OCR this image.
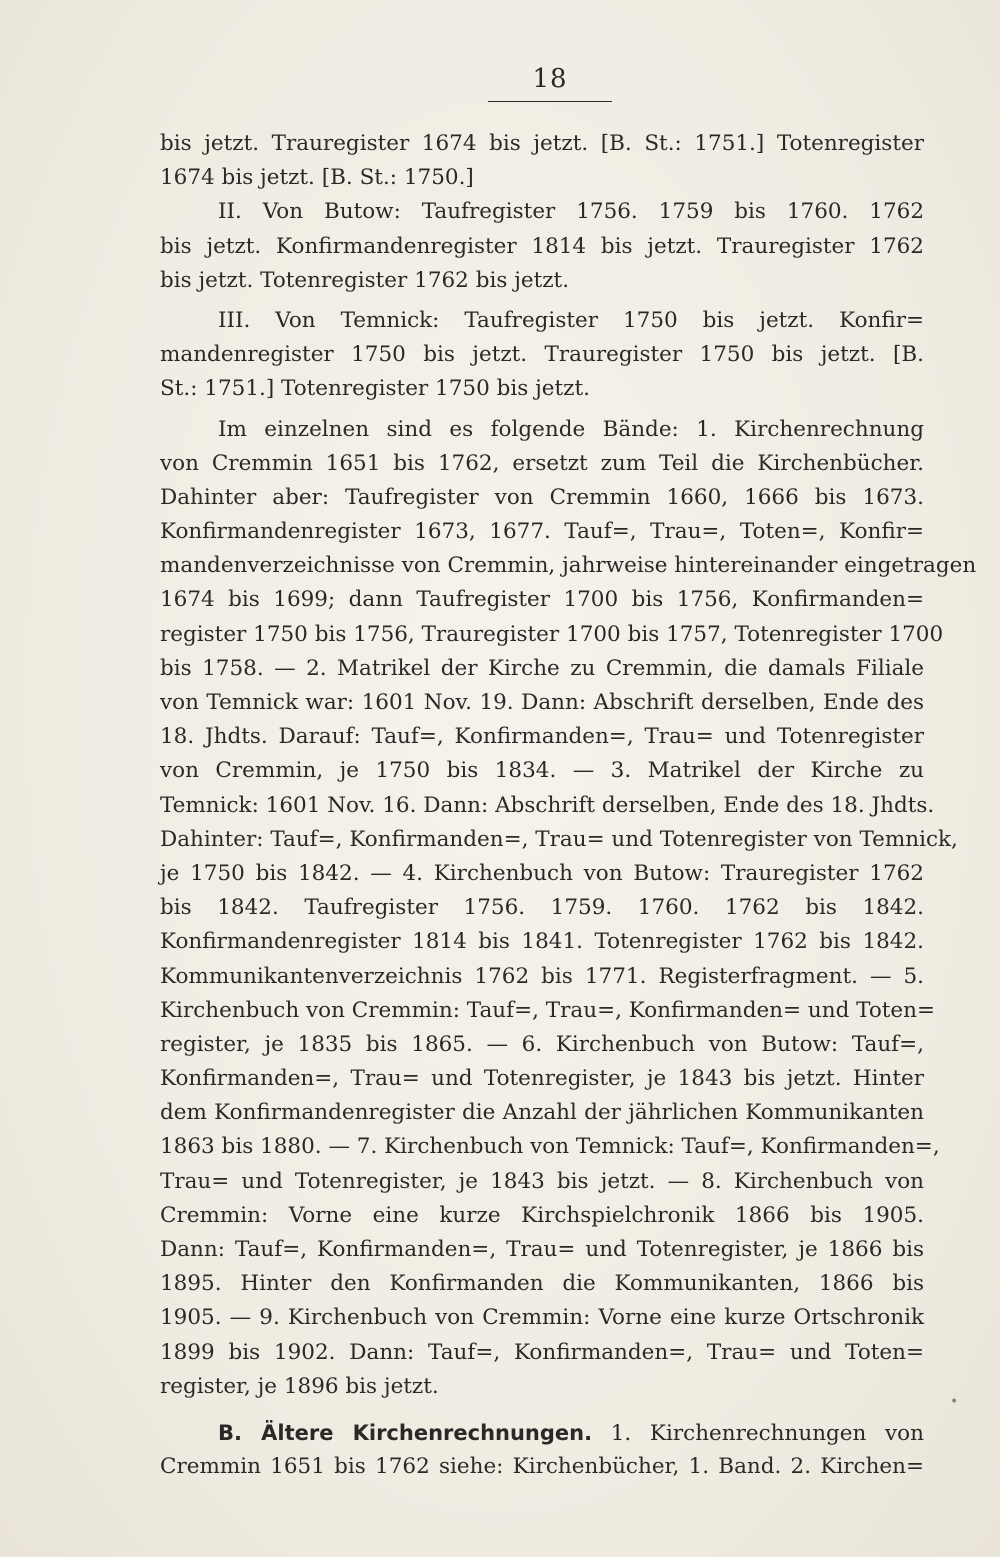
18
bis jetzt. Trauregister 1674 bis jetzt. [B. St.: 1751.] Totenregister
1674 bis jetzt. [B. St.: 1750.]
II. Von Butow: Taufregister 1756. 1759 bis 1760. 1762
bis jetzt. Konfirmandenregister 1814 bis jetzt. Trauregister 1762
bis jetzt. Totenregister 1762 bis jetzt.
III. Von Temnick: Taufregister 1750 bis jetzt. Konfir=
mandenregister 1750 bis jetzt. Trauregister 1750 bis jetzt. [B.
St.: 1751.] Totenregister 1750 bis jetzt.
Im einzelnen sind es folgende Bände: 1. Kirchenrechnung
von Cremmin 1651 bis 1762, ersetzt zum Teil die Kirchenbücher.
Dahinter aber: Taufregister von Cremmin 1660, 1666 bis 1673.
Konfirmandenregister 1673, 1677. Tauf=, Trau=, Toten=, Konfir=
mandenverzeichnisse von Cremmin, jahrweise hintereinander eingetragen
1674 bis 1699; dann Taufregister 1700 bis 1756, Konfirmanden=
register 1750 bis 1756, Trauregister 1700 bis 1757, Totenregister 1700
bis 1758. — 2. Matrikel der Kirche zu Cremmin, die damals Filiale
von Temnick war: 1601 Nov. 19. Dann: Abschrift derselben, Ende des
18. Jhdts. Darauf: Tauf=, Konfirmanden=, Trau= und Totenregister
von Cremmin, je 1750 bis 1834. — 3. Matrikel der Kirche zu
Temnick: 1601 Nov. 16. Dann: Abschrift derselben, Ende des 18. Jhdts.
Dahinter: Tauf=, Konfirmanden=, Trau= und Totenregister von Temnick,
je 1750 bis 1842. — 4. Kirchenbuch von Butow: Trauregister 1762
bis 1842. Taufregister 1756. 1759. 1760. 1762 bis 1842.
Konfirmandenregister 1814 bis 1841. Totenregister 1762 bis 1842.
Kommunikantenverzeichnis 1762 bis 1771. Registerfragment. — 5.
Kirchenbuch von Cremmin: Tauf=, Trau=, Konfirmanden= und Toten=
register, je 1835 bis 1865. — 6. Kirchenbuch von Butow: Tauf=,
Konfirmanden=, Trau= und Totenregister, je 1843 bis jetzt. Hinter
dem Konfirmandenregister die Anzahl der jährlichen Kommunikanten
1863 bis 1880. — 7. Kirchenbuch von Temnick: Tauf=, Konfirmanden=,
Trau= und Totenregister, je 1843 bis jetzt. — 8. Kirchenbuch von
Cremmin: Vorne eine kurze Kirchspielchronik 1866 bis 1905.
Dann: Tauf=, Konfirmanden=, Trau= und Totenregister, je 1866 bis
1895. Hinter den Konfirmanden die Kommunikanten, 1866 bis
1905. — 9. Kirchenbuch von Cremmin: Vorne eine kurze Ortschronik
1899 bis 1902. Dann: Tauf=, Konfirmanden=, Trau= und Toten=
register, je 1896 bis jetzt.
B. Ältere Kirchenrechnungen. 1. Kirchenrechnungen von
Cremmin 1651 bis 1762 siehe: Kirchenbücher, 1. Band. 2. Kirchen=
•
